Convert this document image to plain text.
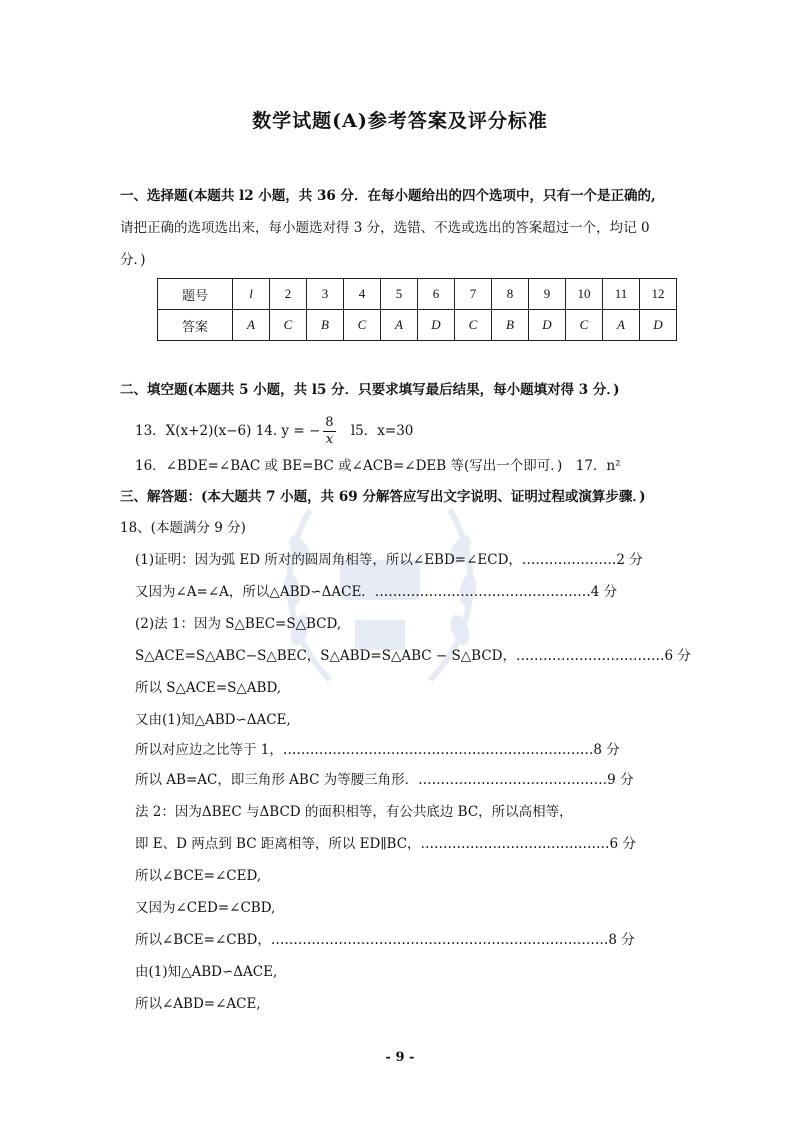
数学试题(A)参考答案及评分标准
一、选择题(本题共 l2 小题，共 36 分．在每小题给出的四个选项中，只有一个是正确的,
请把正确的选项选出来，每小题选对得 3 分，选错、不选或选出的答案超过一个，均记 0
分．)
题号	l	2	3	4	5	6	7	8	9	10	11	12
答案	A	C	B	C	A	D	C	B	D	C	A	D
二、填空题(本题共 5 小题，共 l5 分．只要求填写最后结果，每小题填对得 3 分．)
13．X(x+2)(x−6) 14. y = − $\frac{8}{x} l5$．x=30
16．∠BDE=∠BAC 或 BE=BC 或∠ACB=∠DEB 等(写出一个即可．)　17．n²
三、解答题：(本大题共 7 小题，共 69 分解答应写出文字说明、证明过程或演算步骤．)
18、(本题满分 9 分)
(1)证明：因为弧 ED 所对的圆周角相等，所以∠EBD=∠ECD，…………………2 分
又因为∠A=∠A，所以△ABD∽ΔACE．…………………………………………4 分
(2)法 1：因为 S△BEC=S△BCD,
S△ACE=S△ABC−S△BEC，S△ABD=S△ABC − S△BCD，……………………………6 分
所以 S△ACE=S△ABD,
又由(1)知△ABD∽ΔACE,
所以对应边之比等于 1，……………………………………………………………8 分
所以 AB=AC，即三角形 ABC 为等腰三角形．……………………………………9 分
法 2：因为ΔBEC 与ΔBCD 的面积相等，有公共底边 BC，所以高相等，
即 E、D 两点到 BC 距离相等，所以 ED∥BC，……………………………………6 分
所以∠BCE=∠CED,
又因为∠CED=∠CBD,
所以∠BCE=∠CBD，…………………………………………………………………8 分
由(1)知△ABD∽ΔACE,
所以∠ABD=∠ACE,
- 9 -
